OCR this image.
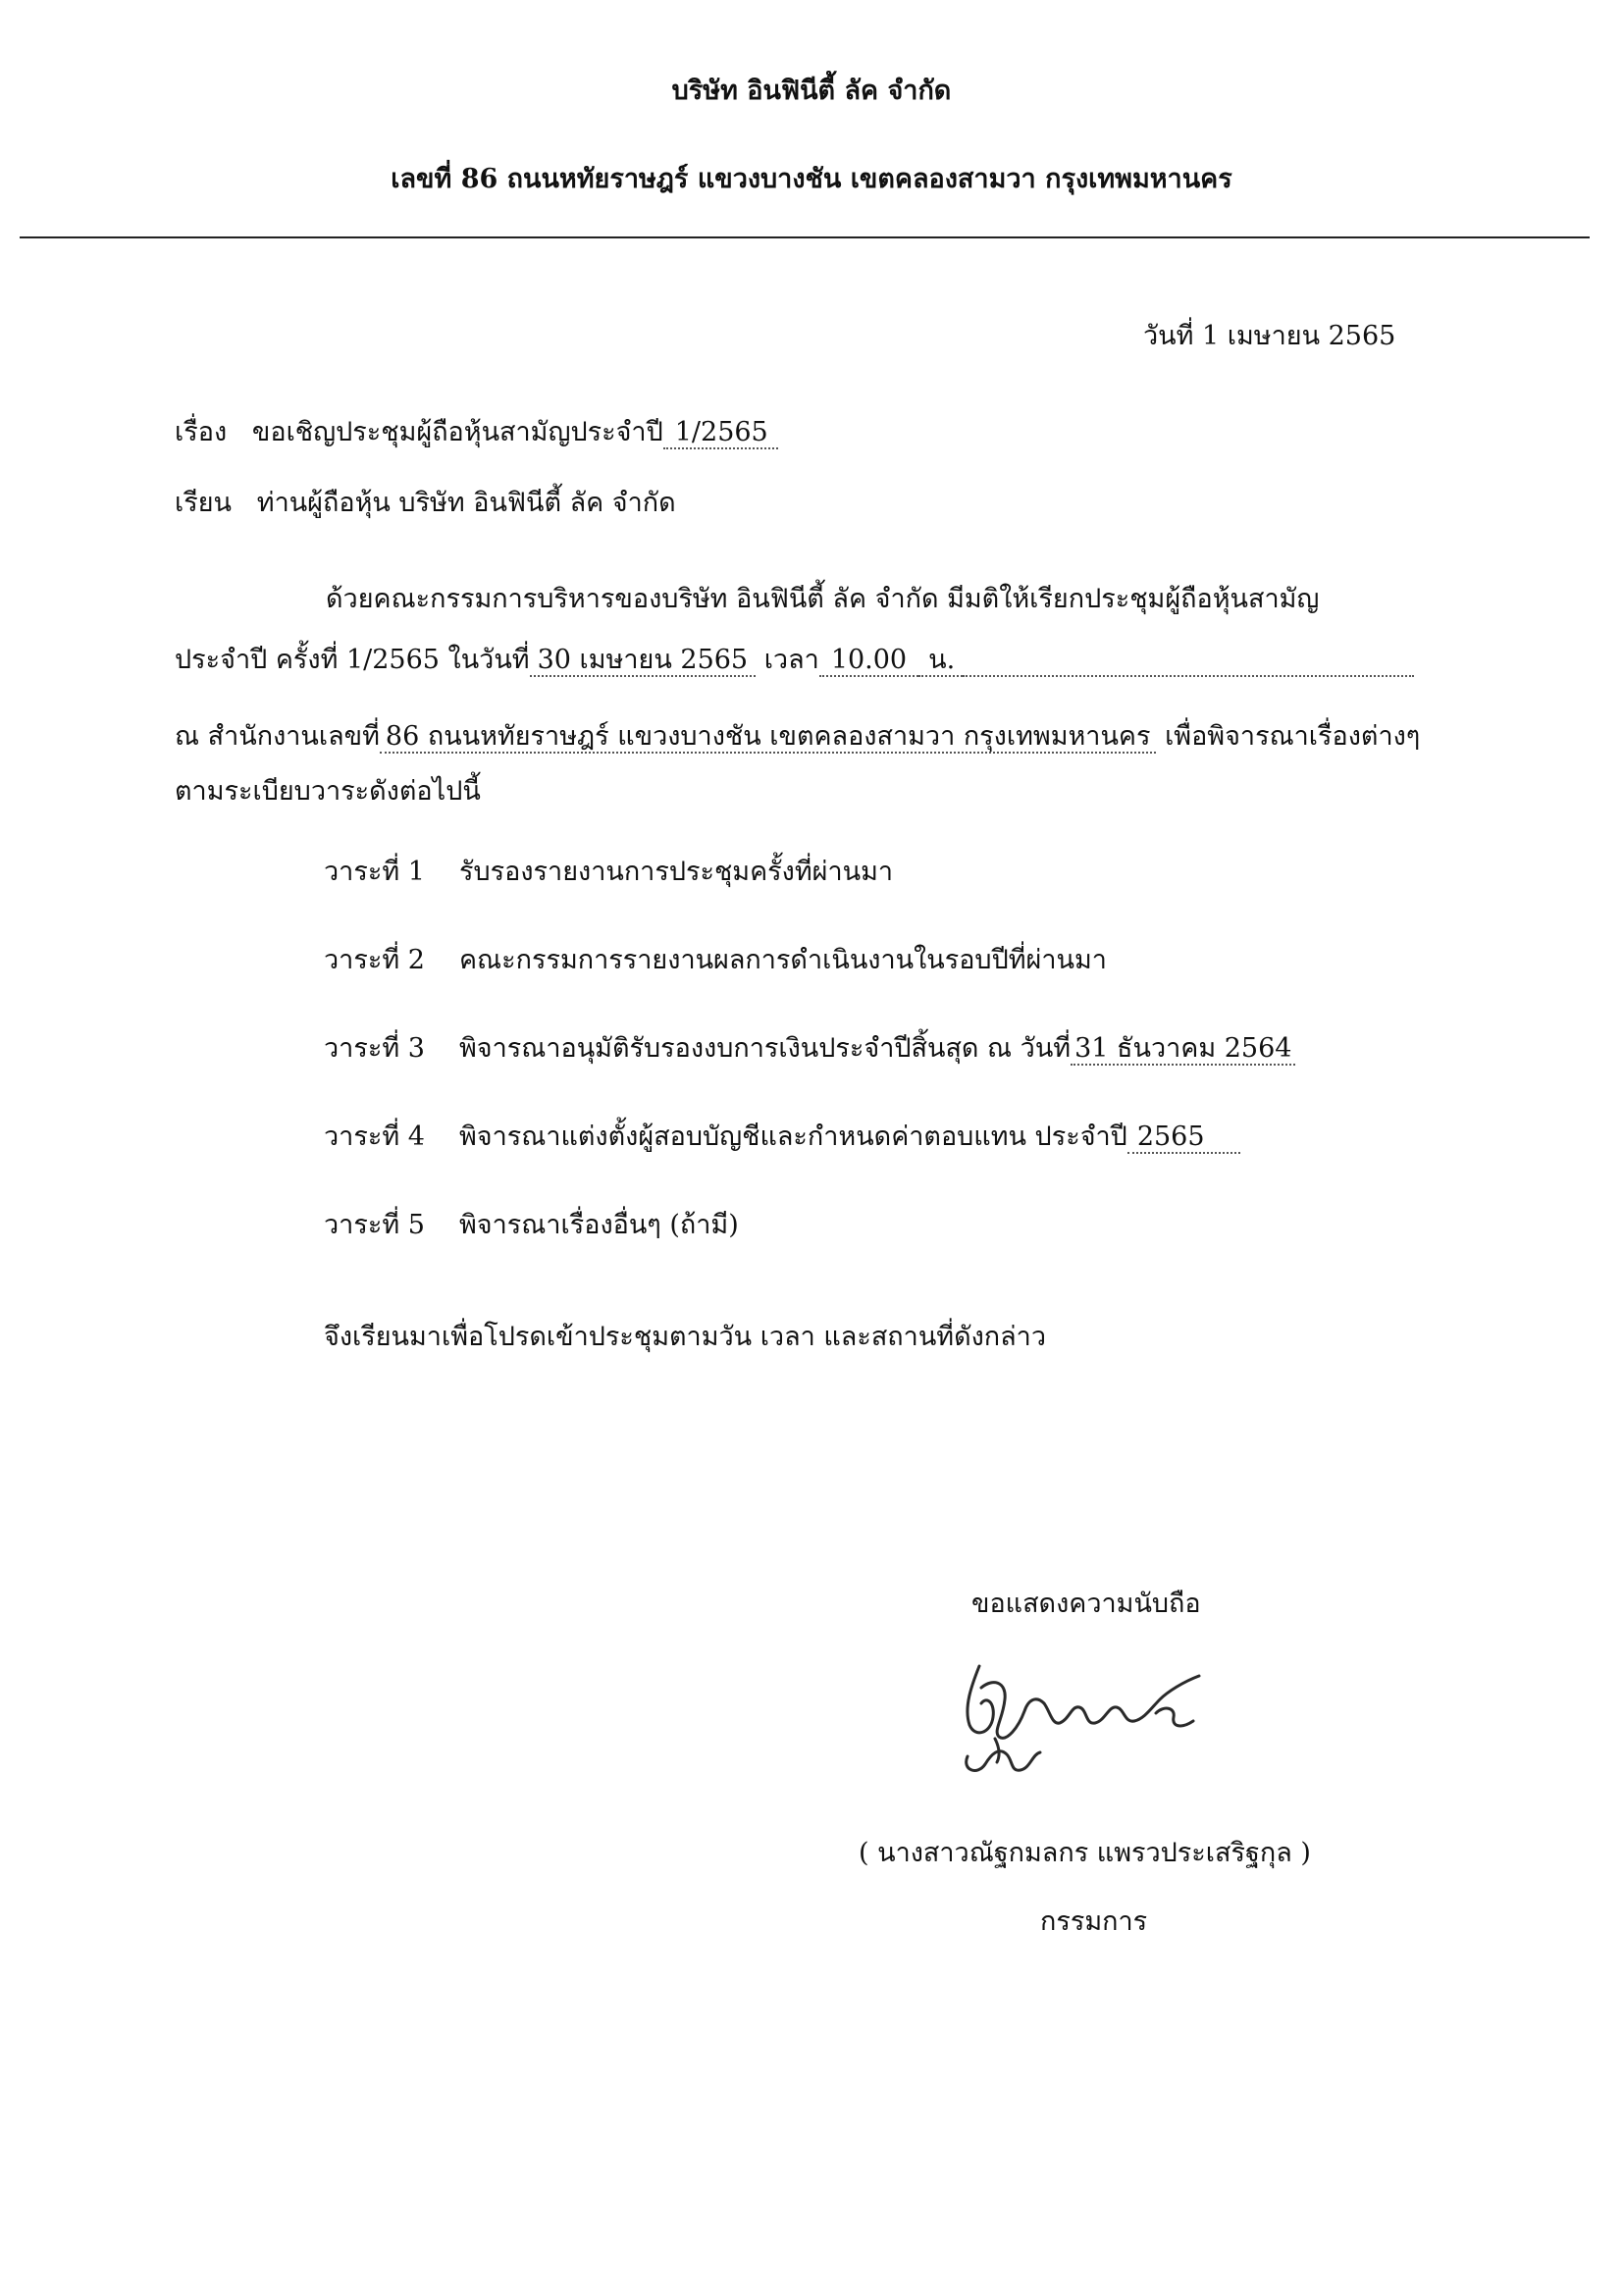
บริษัท อินฟินีตี้ ลัค จำกัด
เลขที่ 86 ถนนหทัยราษฎร์ แขวงบางชัน เขตคลองสามวา กรุงเทพมหานคร
วันที่ 1 เมษายน 2565
เรื่อง ขอเชิญประชุมผู้ถือหุ้นสามัญประจำปี 1/2565
เรียน ท่านผู้ถือหุ้น บริษัท อินฟินีตี้ ลัค จำกัด
ด้วยคณะกรรมการบริหารของบริษัท อินฟินีตี้ ลัค จำกัด มีมติให้เรียกประชุมผู้ถือหุ้นสามัญ
ประจำปี ครั้งที่ 1/2565 ในวันที่ 30 เมษายน 2565 เวลา 10.00 น.
ณ สำนักงานเลขที่ 86 ถนนหทัยราษฎร์ แขวงบางชัน เขตคลองสามวา กรุงเทพมหานคร เพื่อพิจารณาเรื่องต่างๆ
ตามระเบียบวาระดังต่อไปนี้
วาระที่ 1 รับรองรายงานการประชุมครั้งที่ผ่านมา
วาระที่ 2 คณะกรรมการรายงานผลการดำเนินงานในรอบปีที่ผ่านมา
วาระที่ 3 พิจารณาอนุมัติรับรองงบการเงินประจำปีสิ้นสุด ณ วันที่ 31 ธันวาคม 2564
วาระที่ 4 พิจารณาแต่งตั้งผู้สอบบัญชีและกำหนดค่าตอบแทน ประจำปี 2565
วาระที่ 5 พิจารณาเรื่องอื่นๆ (ถ้ามี)
จึงเรียนมาเพื่อโปรดเข้าประชุมตามวัน เวลา และสถานที่ดังกล่าว
ขอแสดงความนับถือ
( นางสาวณัฐกมลกร แพรวประเสริฐกุล )
กรรมการ
